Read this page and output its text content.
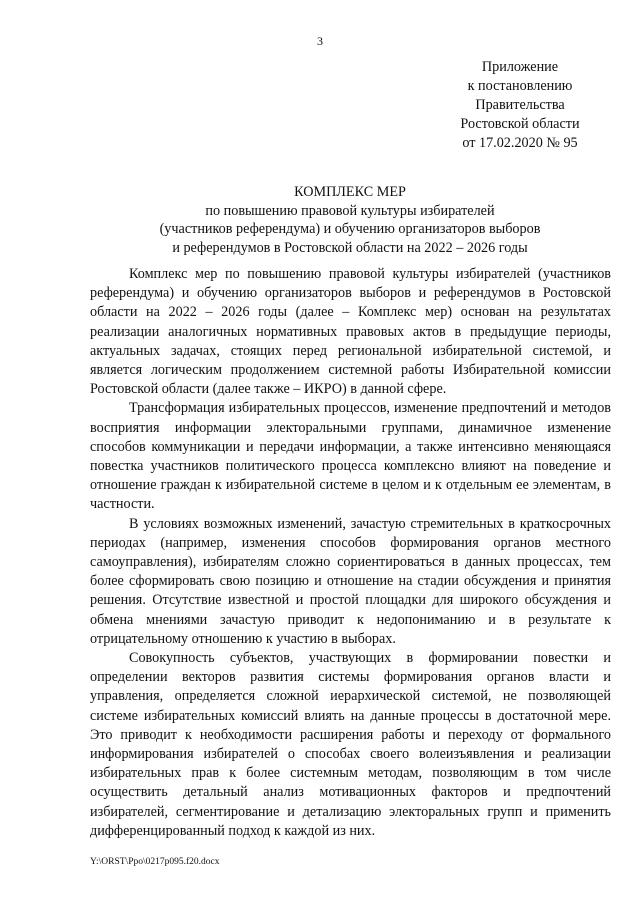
3
Приложение
к постановлению
Правительства
Ростовской области
от 17.02.2020 № 95
КОМПЛЕКС МЕР
по повышению правовой культуры избирателей
(участников референдума) и обучению организаторов выборов
и референдумов в Ростовской области на 2022 – 2026 годы

Комплекс мер по повышению правовой культуры избирателей (участников референдума) и обучению организаторов выборов и референдумов в Ростовской области на 2022 – 2026 годы (далее – Комплекс мер) основан на результатах реализации аналогичных нормативных правовых актов в предыдущие периоды, актуальных задачах, стоящих перед региональной избирательной системой, и является логическим продолжением системной работы Избирательной комиссии Ростовской области (далее также – ИКРО) в данной сфере.

Трансформация избирательных процессов, изменение предпочтений и методов восприятия информации электоральными группами, динамичное изменение способов коммуникации и передачи информации, а также интенсивно меняющаяся повестка участников политического процесса комплексно влияют на поведение и отношение граждан к избирательной системе в целом и к отдельным ее элементам, в частности.

В условиях возможных изменений, зачастую стремительных в краткосрочных периодах (например, изменения способов формирования органов местного самоуправления), избирателям сложно сориентироваться в данных процессах, тем более сформировать свою позицию и отношение на стадии обсуждения и принятия решения. Отсутствие известной и простой площадки для широкого обсуждения и обмена мнениями зачастую приводит к недопониманию и в результате к отрицательному отношению к участию в выборах.

Совокупность субъектов, участвующих в формировании повестки и определении векторов развития системы формирования органов власти и управления, определяется сложной иерархической системой, не позволяющей системе избирательных комиссий влиять на данные процессы в достаточной мере. Это приводит к необходимости расширения работы и переходу от формального информирования избирателей о способах своего волеизъявления и реализации избирательных прав к более системным методам, позволяющим в том числе осуществить детальный анализ мотивационных факторов и предпочтений избирателей, сегментирование и детализацию электоральных групп и применить дифференцированный подход к каждой из них.

Y:\ORST\Ppo\0217p095.f20.docx
